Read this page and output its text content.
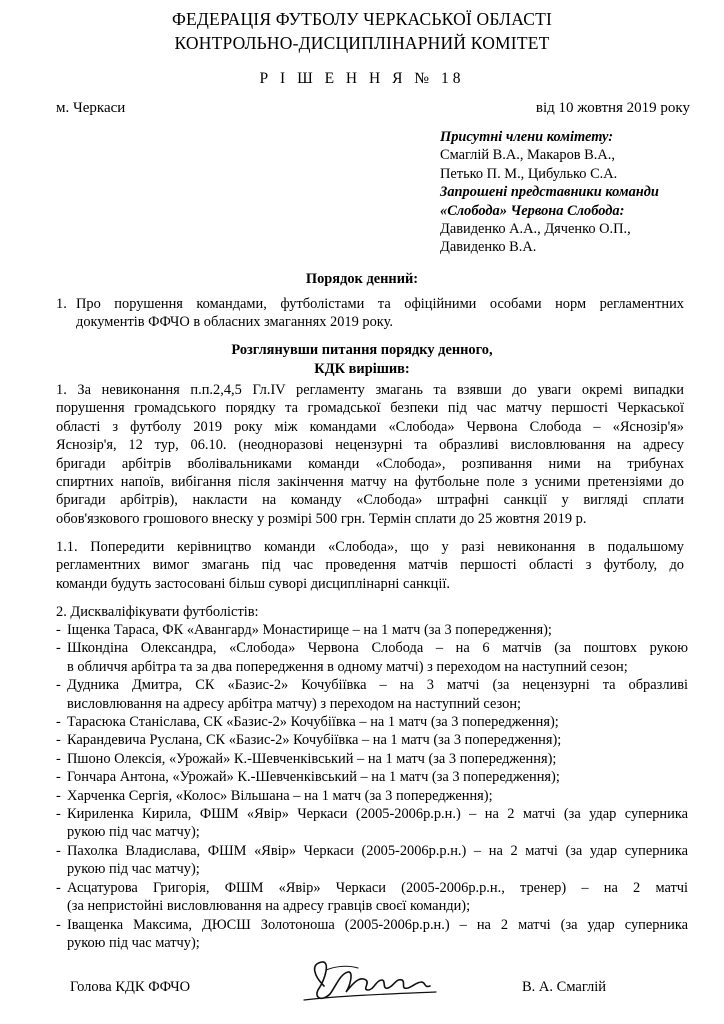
ФЕДЕРАЦІЯ ФУТБОЛУ ЧЕРКАСЬКОЇ ОБЛАСТІ
КОНТРОЛЬНО-ДИСЦИПЛІНАРНИЙ КОМІТЕТ
Р І Ш Е Н Н Я № 18
м. Черкаси	від 10 жовтня 2019 року
Присутні члени комітету:
Смаглій В.А., Макаров В.А.,
Петько П. М., Цибулько С.А.
Запрошені представники команди
«Слобода» Червона Слобода:
Давиденко А.А., Дяченко О.П.,
Давиденко В.А.
Порядок денний:
1. Про порушення командами, футболістами та офіційними особами норм регламентних

документів ФФЧО в обласних змаганнях 2019 року.

Розглянувши питання порядку денного,
КДК вирішив:

1. За невиконання п.п.2,4,5 Гл.IV регламенту змагань та взявши до уваги окремі випадки

порушення громадського порядку та громадської безпеки під час матчу першості Черкаської

області з футболу 2019 року між командами «Слобода» Червона Слобода – «Яснозір'я»

Яснозір'я, 12 тур, 06.10. (неодноразові нецензурні та образливі висловлювання на адресу

бригади арбітрів вболівальниками команди «Слобода», розпивання ними на трибунах

спиртних напоїв, вибігання після закінчення матчу на футбольне поле з усними претензіями до

бригади арбітрів), накласти на команду «Слобода» штрафні санкції у вигляді сплати

обов'язкового грошового внеску у розмірі 500 грн. Термін сплати до 25 жовтня 2019 р.

1.1. Попередити керівництво команди «Слобода», що у разі невиконання в подальшому

регламентних вимог змагань під час проведення матчів першості області з футболу, до

команди будуть застосовані більш суворі дисциплінарні санкції.

2. Дискваліфікувати футболістів:
- Іщенка Тараса, ФК «Авангард» Монастирище – на 1 матч (за 3 попередження);
- Шкондіна Олександра, «Слобода» Червона Слобода – на 6 матчів (за поштовх рукою
в обличчя арбітра та за два попередження в одному матчі) з переходом на наступний сезон;
- Дудника Дмитра, СК «Базис-2» Кочубіївка – на 3 матчі (за нецензурні та образливі
висловлювання на адресу арбітра матчу) з переходом на наступний сезон;
- Тарасюка Станіслава, СК «Базис-2» Кочубіївка – на 1 матч (за 3 попередження);
- Карандевича Руслана, СК «Базис-2» Кочубіївка – на 1 матч (за 3 попередження);
- Пшоно Олексія, «Урожай» К.-Шевченківський – на 1 матч (за 3 попередження);
- Гончара Антона, «Урожай» К.-Шевченківський – на 1 матч (за 3 попередження);
- Харченка Сергія, «Колос» Вільшана – на 1 матч (за 3 попередження);
- Кириленка Кирила, ФШМ «Явір» Черкаси (2005-2006р.р.н.) – на 2 матчі (за удар суперника
рукою під час матчу);
- Пахолка Владислава, ФШМ «Явір» Черкаси (2005-2006р.р.н.) – на 2 матчі (за удар суперника
рукою під час матчу);
- Асцатурова Григорія, ФШМ «Явір» Черкаси (2005-2006р.р.н., тренер) – на 2 матчі
(за непристойні висловлювання на адресу гравців своєї команди);
- Іващенка Максима, ДЮСШ Золотоноша (2005-2006р.р.н.) – на 2 матчі (за удар суперника
рукою під час матчу);
Голова КДК ФФЧО	В. А. Смаглій
